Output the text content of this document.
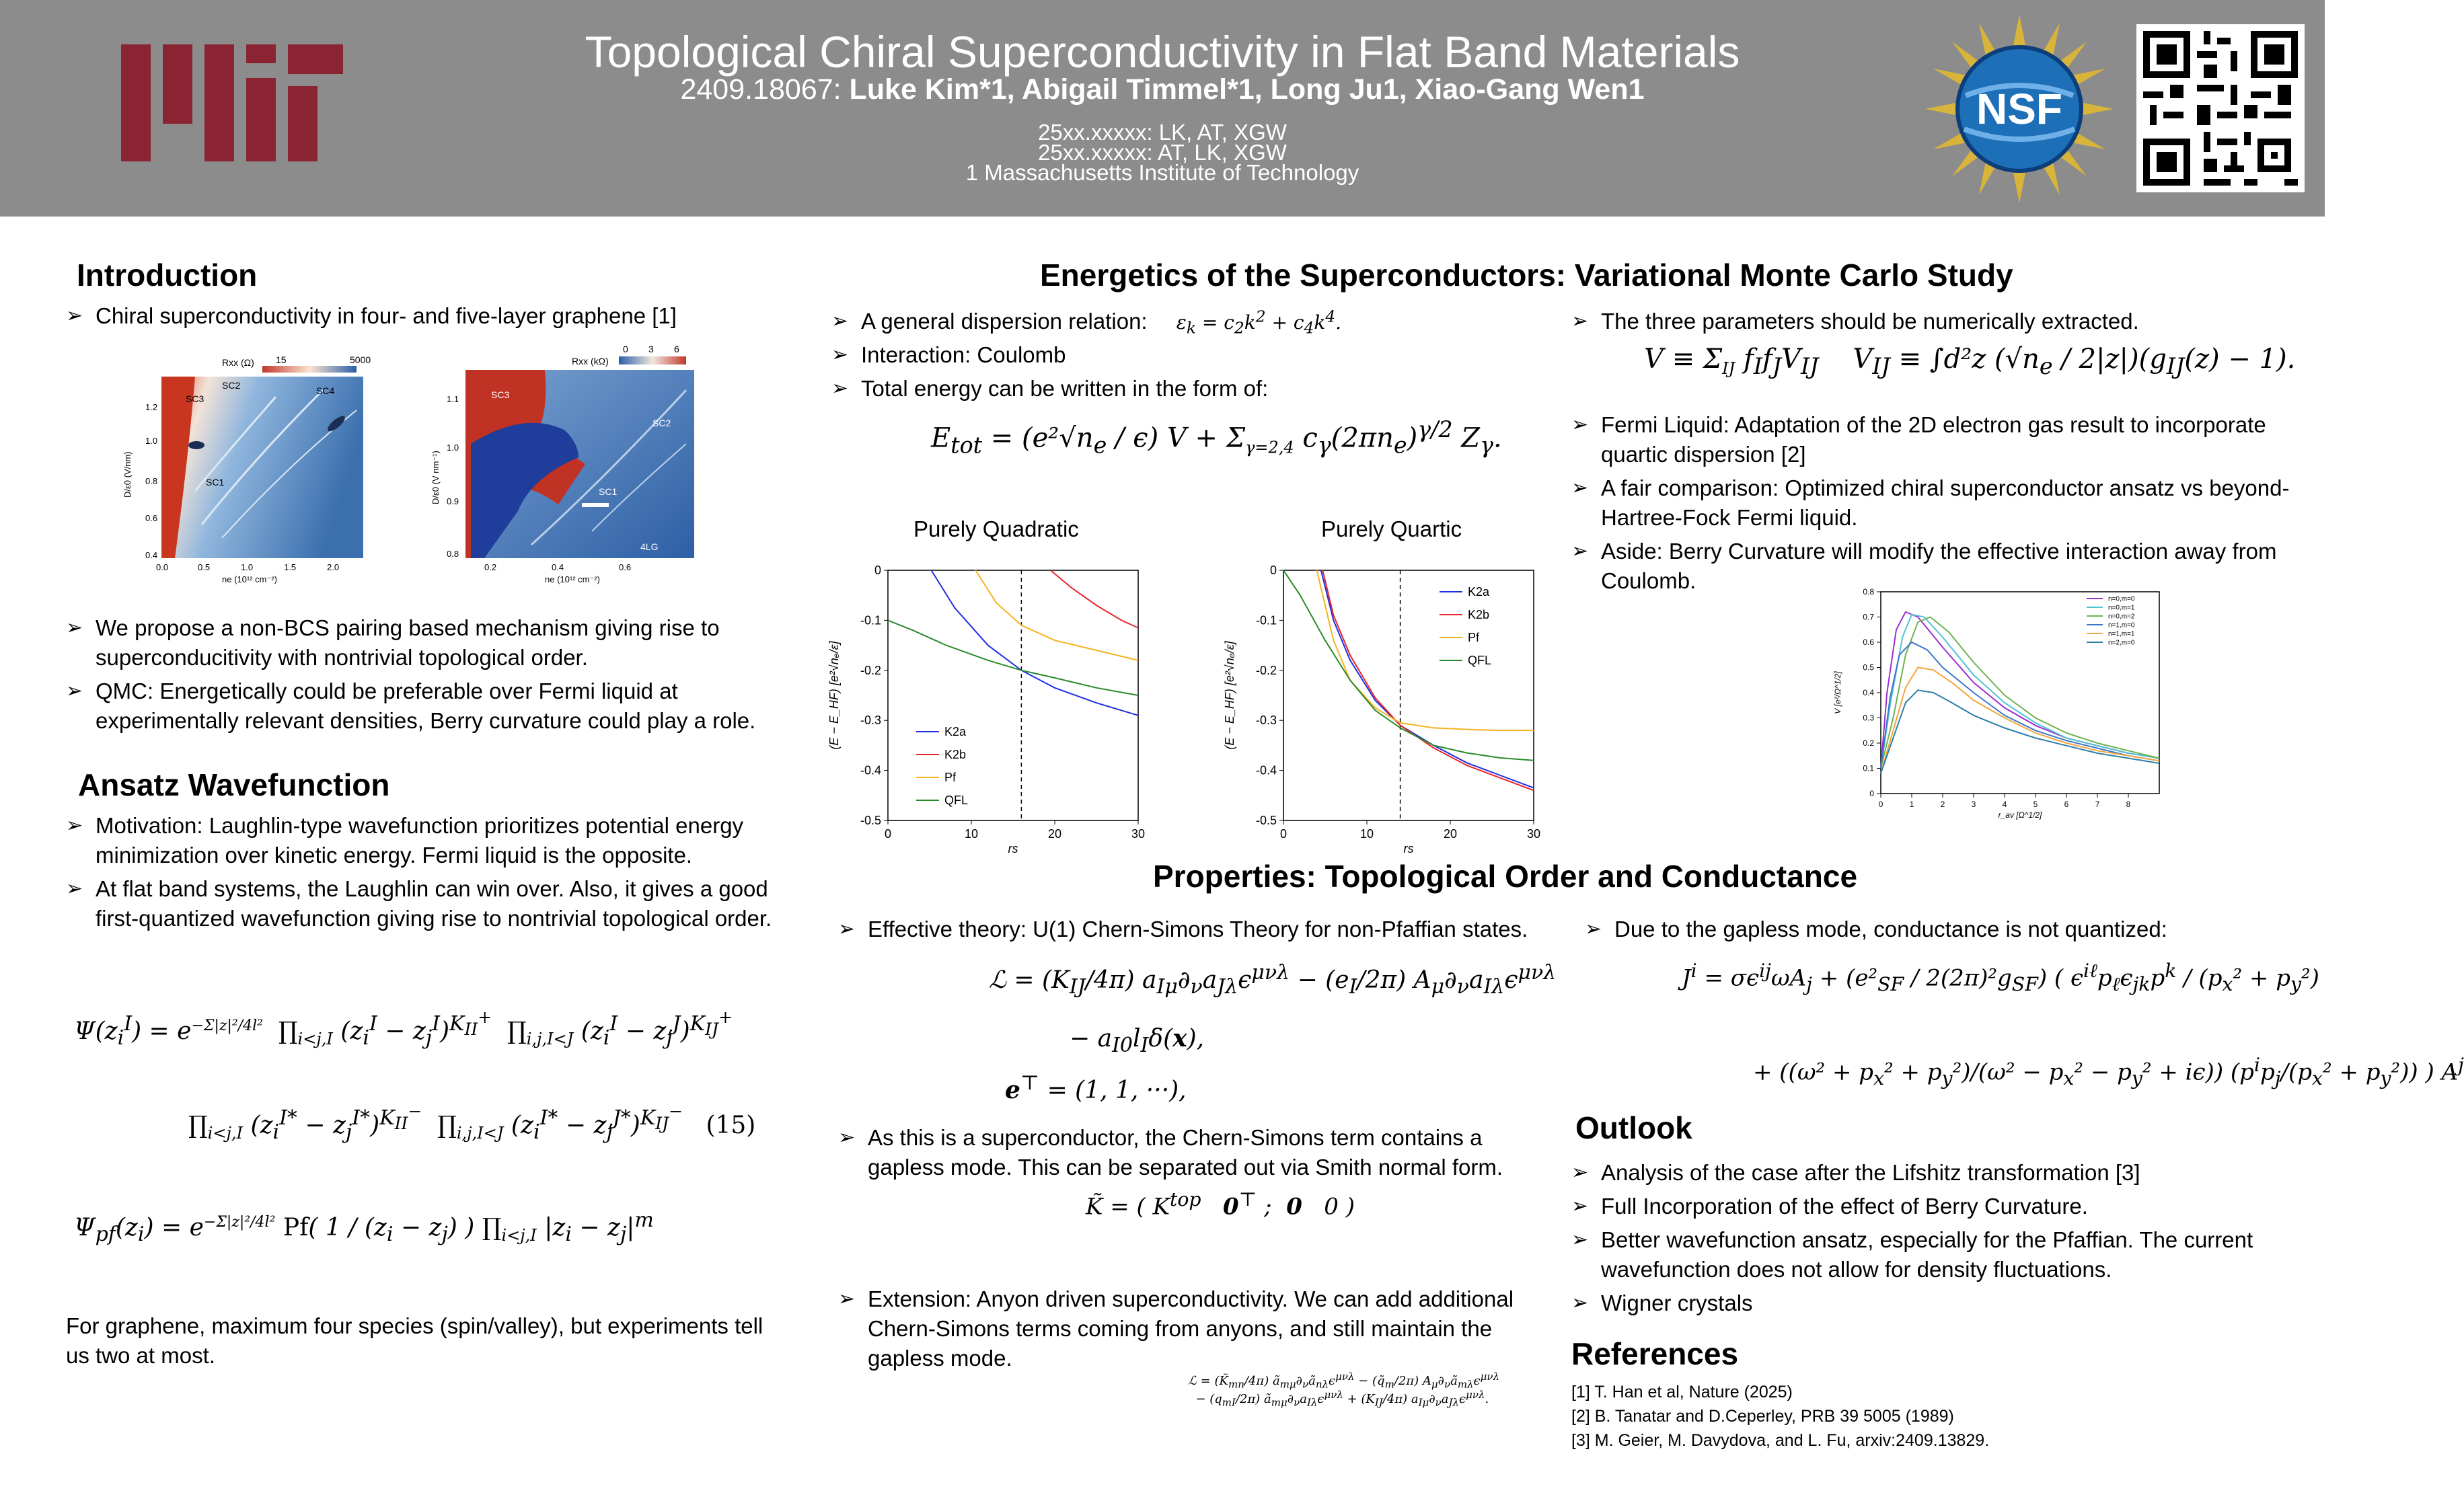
Topological Chiral Superconductivity in Flat Band Materials
2409.18067: Luke Kim*1, Abigail Timmel*1, Long Ju1, Xiao-Gang Wen1
25xx.xxxxx: LK, AT, XGW
25xx.xxxxx: AT, LK, XGW
1 Massachusetts Institute of Technology
NSF
Introduction
➢ Chiral superconductivity in four- and five-layer graphene [1]
Rxx (Ω) 15	5000
SC3
SC2	SC4
SC1
1.2
1.0
0.8
0.6
0.4
0.0	0.5	1.0	1.5	2.0
ne (10¹² cm⁻²)
D/ε0 (V/nm)
Rxx (kΩ)
0 3 6
SC3
SC2
SC1
4LG
1.1
1.0
0.9
0.8
0.2	0.4	0.6
ne (10¹² cm⁻²)
D/ε0 (V nm⁻¹)
➢ We propose a non-BCS pairing based mechanism giving rise to superconducitivity with nontrivial topological order.
➢ QMC: Energetically could be preferable over Fermi liquid at experimentally relevant densities, Berry curvature could play a role.
Ansatz Wavefunction
➢ Motivation: Laughlin-type wavefunction prioritizes potential energy minimization over kinetic energy. Fermi liquid is the opposite.
➢ At flat band systems, the Laughlin can win over. Also, it gives a good first-quantized wavefunction giving rise to nontrivial topological order.
$\Psi(z_i^I) = e^{-\Sigma|z|^2/4l^2}$  $\prod_{i<j,I}$ $(z_i^I - z_j^I)^{K_{II}^+}$  $\prod_{i,j,I<J}$ $(z_i^I - z_j^J)^{K_{IJ}^+}$
$\prod_{i<j,I}$ $(z_i^{I*} - z_j^{I*})^{K_{II}^-}$  $\prod_{i,j,I<J}$ $(z_i^{I*} - z_j^{J*})^{K_{IJ}^-}$   (15)
$\Psi_{pf}(z_i) = e^{-\Sigma|z|^2/4l^2}$ Pf( $1 / (z_i - z_j)$ ) $\prod_{i<j,I}$ $|z_i - z_j|^m$
For graphene, maximum four species (spin/valley), but experiments tell us two at most.
Energetics of the Superconductors: Variational Monte Carlo Study
➢ A general dispersion relation: $\varepsilon_k = c_2k^2 + c_4k^4$.
➢ Interaction: Coulomb
➢ Total energy can be written in the form of:
$E_{tot} = (e^2√n_e / \epsilon) V + \Sigma_{\gamma=2,4}$ $c_\gamma(2\pi n_e)^{\gamma/2}$ $Z_\gamma$.
Purely Quadratic	Purely Quartic
0	10	20	30
0
-0.1
-0.2
-0.3
-0.4
-0.5
K2a
K2b
Pf
QFL
rs
(E − E_HF) [e²√nₑ/ε]
0	10	20	30
0
-0.1
-0.2
-0.3
-0.4
-0.5
K2a
K2b
Pf
QFL
rs
(E − E_HF) [e²√nₑ/ε]
➢ The three parameters should be numerically extracted.
$V \equiv \Sigma_{IJ}$ $f_If_JV_{IJ}$    $V_{IJ} \equiv \int d^2z$ $(√n_e / 2|z|)(g_{IJ}(z) - 1)$.
➢ Fermi Liquid: Adaptation of the 2D electron gas result to incorporate quartic dispersion [2]
➢ A fair comparison: Optimized chiral superconductor ansatz vs beyond-Hartree-Fock Fermi liquid.
➢ Aside: Berry Curvature will modify the effective interaction away from Coulomb.
0	1	2	3	4	5	6	7	8
0
0.1
0.2
0.3
0.4
0.5
0.6
0.7
0.8
n=0,m=0
n=0,m=1
n=0,m=2
n=1,m=0
n=1,m=1
n=2,m=0
r_av [Ω^1/2]
V [e²/Ω^1/2]
Properties: Topological Order and Conductance
➢ Effective theory: U(1) Chern-Simons Theory for non-Pfaffian states.
ℒ = $(K_{IJ}/4\pi) a_{I\mu}\partial_\nu a_{J\lambda}\epsilon^{\mu\nu\lambda} - (e_I/2\pi)$ $A_\mu\partial_\nu a_{I\lambda}\epsilon^{\mu\nu\lambda}$
− $a_{I0}l_I\delta(x)$,
e⊤ = (1, 1, ···),
➢ As this is a superconductor, the Chern-Simons term contains a gapless mode. This can be separated out via Smith normal form.
K̃ = ( $K^{top}$ 0⊤ ;  0   0 )
➢ Extension: Anyon driven superconductivity. We can add additional Chern-Simons terms coming from anyons, and still maintain the gapless mode.
ℒ = $(K̃_{mn}/4\pi)$ $ã_{m\mu}\partial_\nu ã_{n\lambda}\epsilon^{\mu\nu\lambda}$ − $(q̃_m/2\pi)$ $A_\mu\partial_\nu ã_{m\lambda}\epsilon^{\mu\nu\lambda}$
− $(q_{mI}/2\pi)$ $ã_{m\mu}\partial_\nu a_{I\lambda}\epsilon^{\mu\nu\lambda} + (K_{IJ}/4\pi)$ $a_{I\mu}\partial_\nu a_{J\lambda}\epsilon^{\mu\nu\lambda}$.
➢ Due to the gapless mode, conductance is not quantized:
$J^i = \sigma\epsilon^{ij}\omega A_j + (e^2_{SF} / 2(2\pi)^2g_{SF})$ ( $\epsilon^{i\ell}p_\ell\epsilon_{jk}p^k / (p_x^2 + p_y^2)$
+ $((\omega^2 + p_x^2 + p_y^2)/(\omega^2 - p_x^2 - p_y^2 + i\epsilon))$ $(p^ip_j/(p_x^2 + p_y^2))$ ) $A^j$
Outlook
➢ Analysis of the case after the Lifshitz transformation [3]
➢ Full Incorporation of the effect of Berry Curvature.
➢ Better wavefunction ansatz, especially for the Pfaffian. The current wavefunction does not allow for density fluctuations.
➢ Wigner crystals
References
[1] T. Han et al, Nature (2025)
[2] B. Tanatar and D.Ceperley, PRB 39 5005 (1989)
[3] M. Geier, M. Davydova, and L. Fu, arxiv:2409.13829.
